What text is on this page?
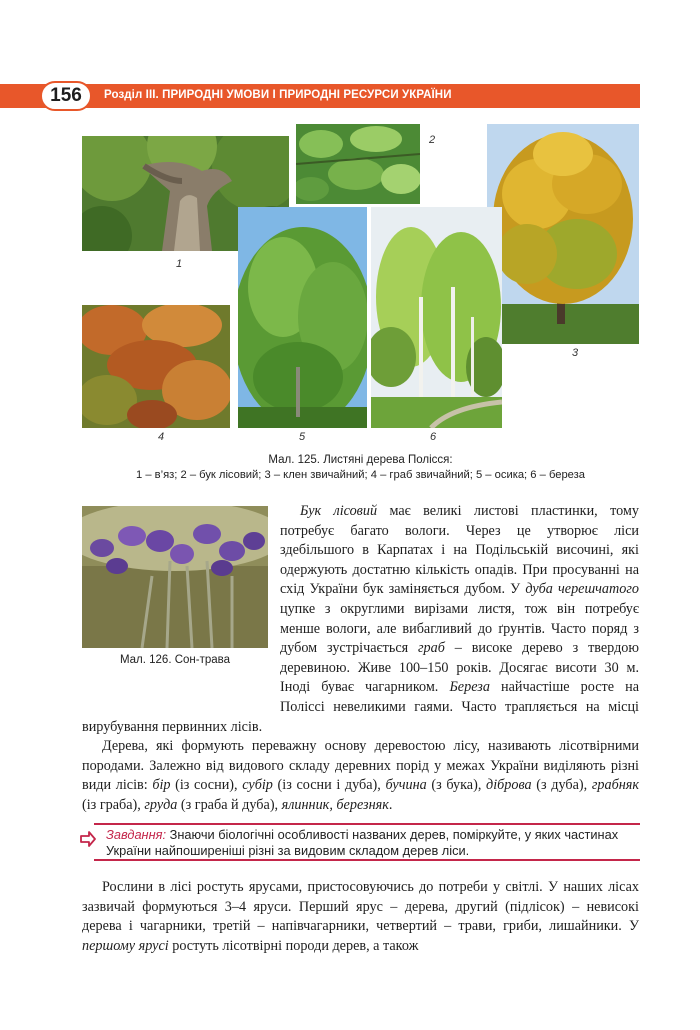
156	Розділ ІІІ. ПРИРОДНІ УМОВИ І ПРИРОДНІ РЕСУРСИ УКРАЇНИ
1
2
3
4	5	6
Мал. 125. Листяні дерева Полісся:
1 – в’яз; 2 – бук лісовий; 3 – клен звичайний; 4 – граб звичайний; 5 – осика; 6 – береза
Мал. 126. Сон-трава

Бук лісовий має великі листові пластинки, тому потребує багато вологи. Через це утворює ліси здебільшого в Карпатах і на Подільській височині, які одержують достатню кількість опадів. При просуванні на схід України бук заміняється дубом. У дуба черешчатого цупке з округлими вирізами листя, тож він потребує менше вологи, але вибагливий до ґрунтів. Часто поряд з дубом зустрічається граб – високе дерево з твердою деревиною. Живе 100–150 років. Досягає висоти 30 м. Іноді буває чагарником. Береза найчастіше росте на Поліссі невеликими гаями. Часто трапляється на місці вирубування первинних лісів.

Дерева, які формують переважну основу деревостою лісу, називають лісотвірними породами. Залежно від видового складу деревних порід у межах України виділяють різні види лісів: бір (із сосни), субір (із сосни і дуба), бучина (з бука), діброва (з дуба), грабняк (із граба), груда (з граба й дуба), ялинник, березняк.

Завдання: Знаючи біологічні особливості названих дерев, поміркуйте, у яких частинах України найпоширеніші різні за видовим складом дерев ліси.

Рослини в лісі ростуть ярусами, пристосовуючись до потреби у світлі. У наших лісах зазвичай формуються 3–4 яруси. Перший ярус – дерева, другий (підлісок) – невисокі дерева і чагарники, третій – напівчагарники, четвертий – трави, гриби, лишайники. У першому ярусі ростуть лісотвірні породи дерев, а також
